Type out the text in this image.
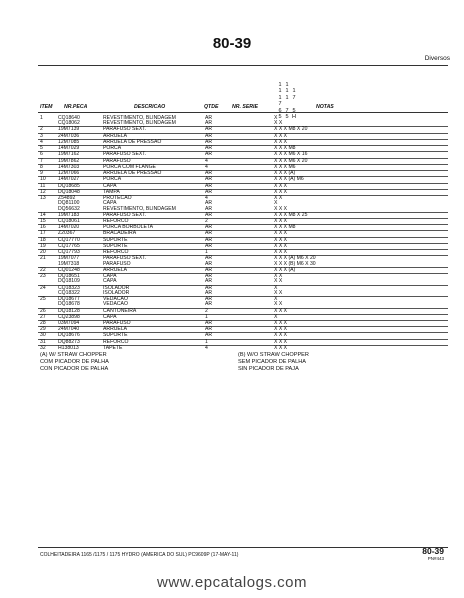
80-39
Diversos
1
1
1
7
6
5
1
1
1

7
5

1
7

5
H
ITEM NR.PECA	DESCRICAO	QTDE	NR. SERIE	NOTAS
1	CQ18640	REVESTIMENTO, BLINDAGEM	AR	X
CQ18062	REVESTIMENTO, BLINDAGEM	AR	X X
2	19M7139	PARAFUSO SEXT.	AR	X X X M8 X 20
3	24M7036	ARRUELA	AR	X X X
4	12M7085	ARRUELA DE PRESSAO	AR	X X X
5	14M7029	PORCA	AR	X X X M8
6	19M7162	PARAFUSO SEXT.	AR	X X X M6 X 16
7	19M7862	PARAFUSO	4	X X X M6 X 20
8	14M7303	PORCA COM FLANGE	4	X X X M6
9	12M7066	ARRUELA DE PRESSAO	AR	X X X (A)
10 14M7027	PORCA	AR	X X X (A) M6
11 DQ18685	CAPA	AR	X X X
12 DQ18048	TAMPA	AR	X X X
13 Z54892	PROTECAO	4	X X
DQ81100	CAPA	AR	X
DQ56632	REVESTIMENTO, BLINDAGEM	AR	X X X
14 19M7183	PARAFUSO SEXT.	AR	X X X M8 X 25
15 CQ18061	REFORCO	2	X X X
16 14M7020	PORCA BORBOLETA	AR	X X X M8
17 Z20367	BRACADEIRA	AR	X X X
18 CQ17770	SUPORTE	AR	X X X
19 CQ17765	SUPORTE	AR	X X X
20 CQ17793	REFORCO	1	X X X
21 19M7077	PARAFUSO SEXT.	AR	X X X (A) M6 X 20
19M7318	PARAFUSO	AR	X X X (B) M6 X 30
22 CQ01248	ARRUELA	AR	X X X (A)
23 DQ18651	CAPA	AR	X X
DQ18109	CAPA	AR	X X
24 CQ18323	ISOLADOR	AR	X
CQ18322	ISOLADOR	AR	X X
25 DQ18677	VEDACAO	AR	X
DQ18678	VEDACAO	AR	X X
26 DQ18128	CANTONEIRA	2	X X X
27 CQ23898	CAPA	1	X
28 03M7094	PARAFUSO	AR	X X X
29 24M7040	ARRUELA	AR	X X X
30 DQ18676	SUPORTE	AR	X X X
31 DQ88273	REFORCO	1	X X X
32 H138013	TAPETE	4	X X X
(A) W/ STRAW CHOPPER
COM PICADOR DE PALHA
CON PICADOR DE PALHA
(B) W/O STRAW CHOPPER
SEM PICADOR DE PALHA
SIN PICADOR DE PAJA
COLHEITADEIRA 1165 /1175 / 1175 HYDRO (AMERICA DO SUL) PC9609P (17-MAY-11)	80-39
PN#443
www.epcatalogs.com
